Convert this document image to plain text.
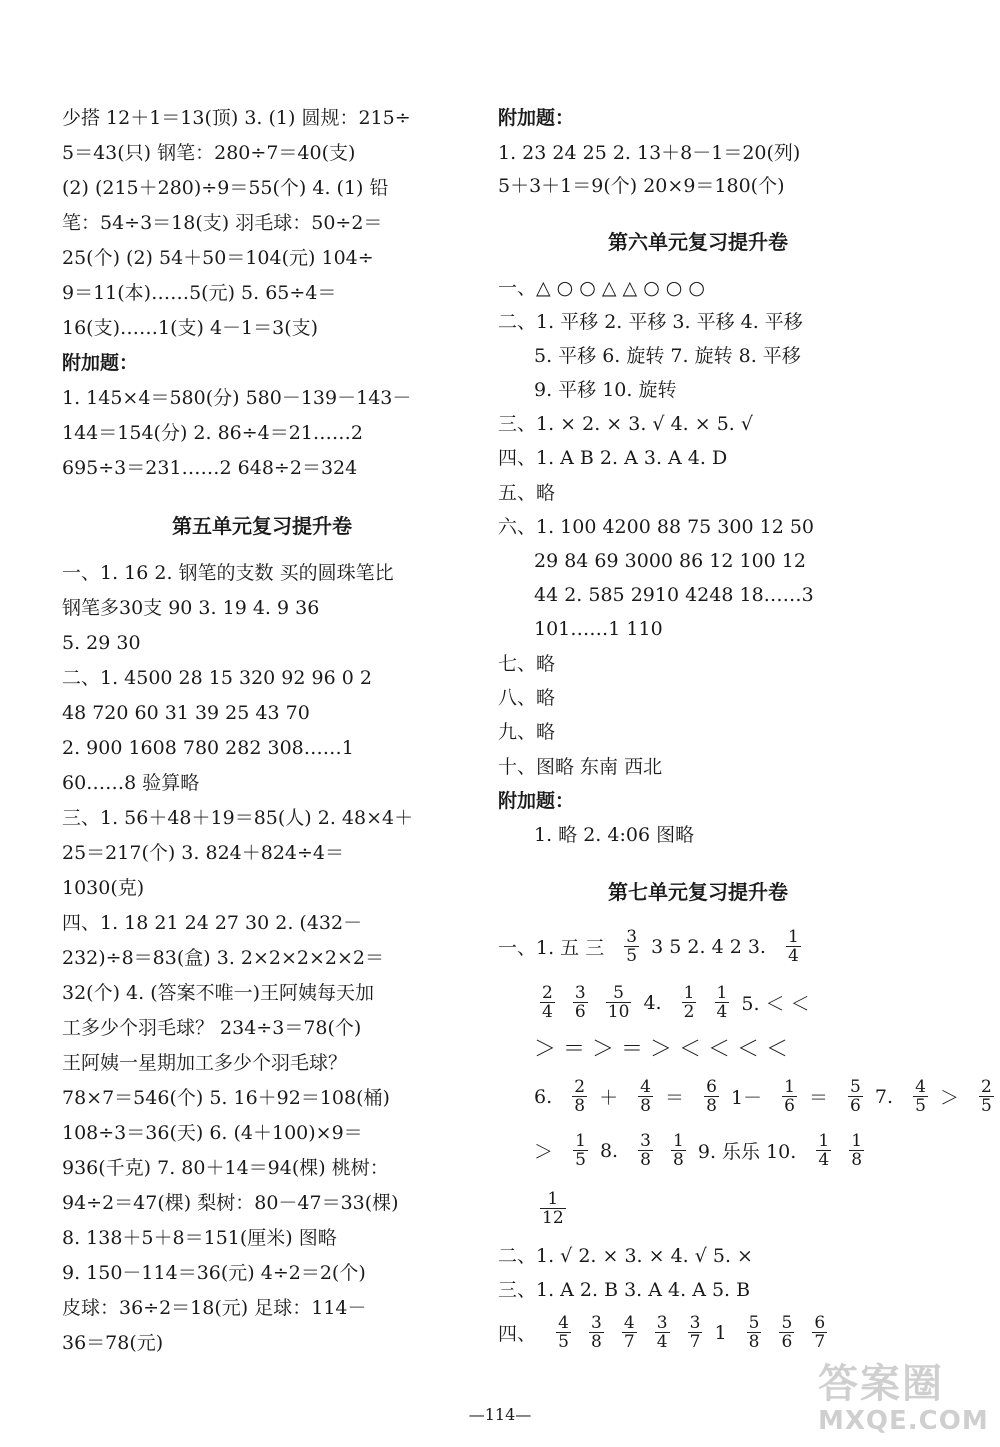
少搭 12＋1＝13(顶) 3. (1) 圆规：215÷
5＝43(只) 钢笔：280÷7＝40(支)
(2) (215＋280)÷9＝55(个) 4. (1) 铅
笔：54÷3＝18(支) 羽毛球：50÷2＝
25(个) (2) 54＋50＝104(元) 104÷
9＝11(本)……5(元) 5. 65÷4＝
16(支)……1(支) 4－1＝3(支)
附加题：
1. 145×4＝580(分) 580－139－143－
144＝154(分) 2. 86÷4＝21……2
695÷3＝231……2 648÷2＝324
第五单元复习提升卷
一、1. 16 2. 钢笔的支数 买的圆珠笔比
钢笔多30支 90 3. 19 4. 9 36
5. 29 30
二、1. 4500 28 15 320 92 96 0 2
48 720 60 31 39 25 43 70
2. 900 1608 780 282 308……1
60……8 验算略
三、1. 56＋48＋19＝85(人) 2. 48×4＋
25＝217(个) 3. 824＋824÷4＝
1030(克)
四、1. 18 21 24 27 30 2. (432－
232)÷8＝83(盒) 3. 2×2×2×2×2＝
32(个) 4. (答案不唯一)王阿姨每天加
工多少个羽毛球？ 234÷3＝78(个)
王阿姨一星期加工多少个羽毛球？
78×7＝546(个) 5. 16＋92＝108(桶)
108÷3＝36(天) 6. (4＋100)×9＝
936(千克) 7. 80＋14＝94(棵) 桃树：
94÷2＝47(棵) 梨树：80－47＝33(棵)
8. 138＋5＋8＝151(厘米) 图略
9. 150－114＝36(元) 4÷2＝2(个)
皮球：36÷2＝18(元) 足球：114－
36＝78(元)
附加题：
1. 23 24 25 2. 13＋8－1＝20(列)
5＋3＋1＝9(个) 20×9＝180(个)
第六单元复习提升卷
一、△ ○ ○ △ △ ○ ○ ○
二、1. 平移 2. 平移 3. 平移 4. 平移
5. 平移 6. 旋转 7. 旋转 8. 平移
9. 平移 10. 旋转
三、1. × 2. × 3. √ 4. × 5. √
四、1. A B 2. A 3. A 4. D
五、略
六、1. 100 4200 88 75 300 12 50
29 84 69 3000 86 12 100 12
44 2. 585 2910 4248 18……3
101……1 110
七、略
八、略
九、略
十、图略 东南 西北
附加题：
1. 略 2. 4:06 图略
第七单元复习提升卷
一、1. 五 三 $\frac{3}{5} 3$ 5 2. 4 2 3. $\frac{1}{4}$
$\frac{2}{4}$
$\frac{3}{6}$
$\frac{5}{10} 4$. $\frac{1}{2}$
$\frac{1}{4} 5$. ＜ ＜
＞ ＝ ＞ ＝ ＞ ＜ ＜ ＜ ＜
6. $\frac{2}{8} + \frac{4}{8} = \frac{6}{8} 1- \frac{1}{6} = \frac{5}{6} 7$. $\frac{4}{5} > \frac{2}{5}$
＞ $\frac{1}{5} 8$. $\frac{3}{8}$
$\frac{1}{8} 9$. 乐乐 10. $\frac{1}{4}$
$\frac{1}{8}$
$\frac{1}{12}$
二、1. √ 2. × 3. × 4. √ 5. ×
三、1. A 2. B 3. A 4. A 5. B
四、 $\frac{4}{5}$
$\frac{3}{8}$
$\frac{4}{7}$
$\frac{3}{4}$
$\frac{3}{7} 1 \frac{5}{8}$
$\frac{5}{6}$
$\frac{6}{7}$
—114—
答案圈
MXQE.COM
